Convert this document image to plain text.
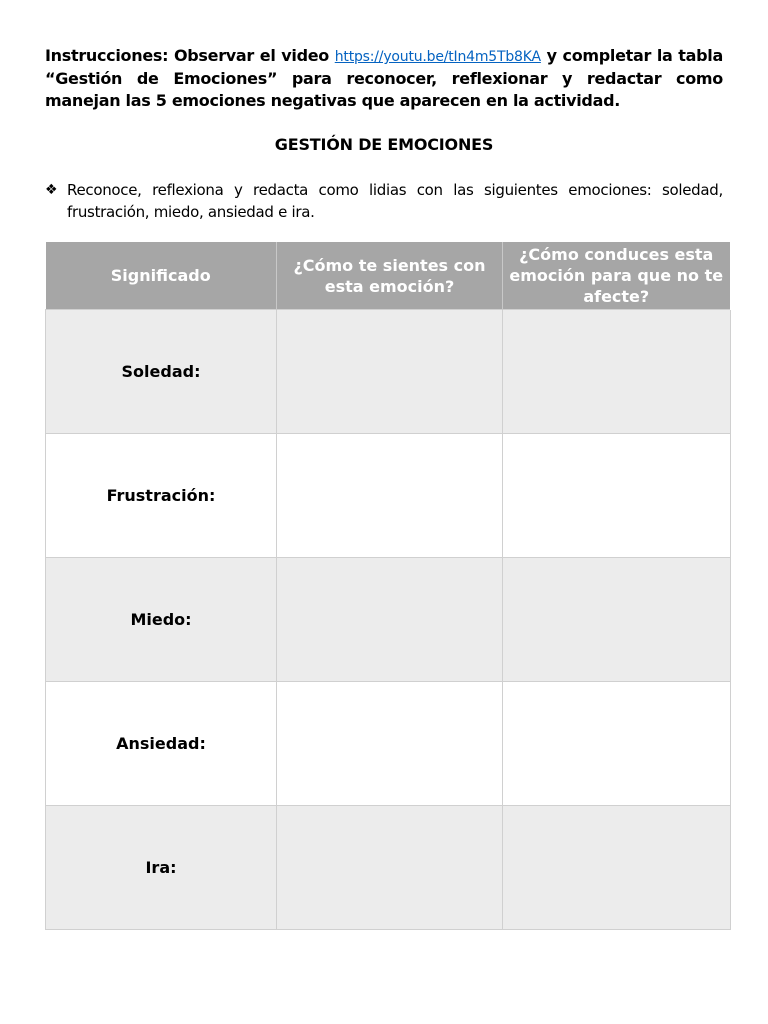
Instrucciones: Observar el video https://youtu.be/tIn4m5Tb8KA y completar la tabla “Gestión de Emociones” para reconocer, reflexionar y redactar como manejan las 5 emociones negativas que aparecen en la actividad.

GESTIÓN DE EMOCIONES
❖ Reconoce, reflexiona y redacta como lidias con las siguientes emociones: soledad, frustración, miedo, ansiedad e ira.
Significado	¿Cómo te sientes con esta emoción?	¿Cómo conduces esta emoción para que no te afecte?
Soledad:		
Frustración:		
Miedo:		
Ansiedad:		
Ira:		
